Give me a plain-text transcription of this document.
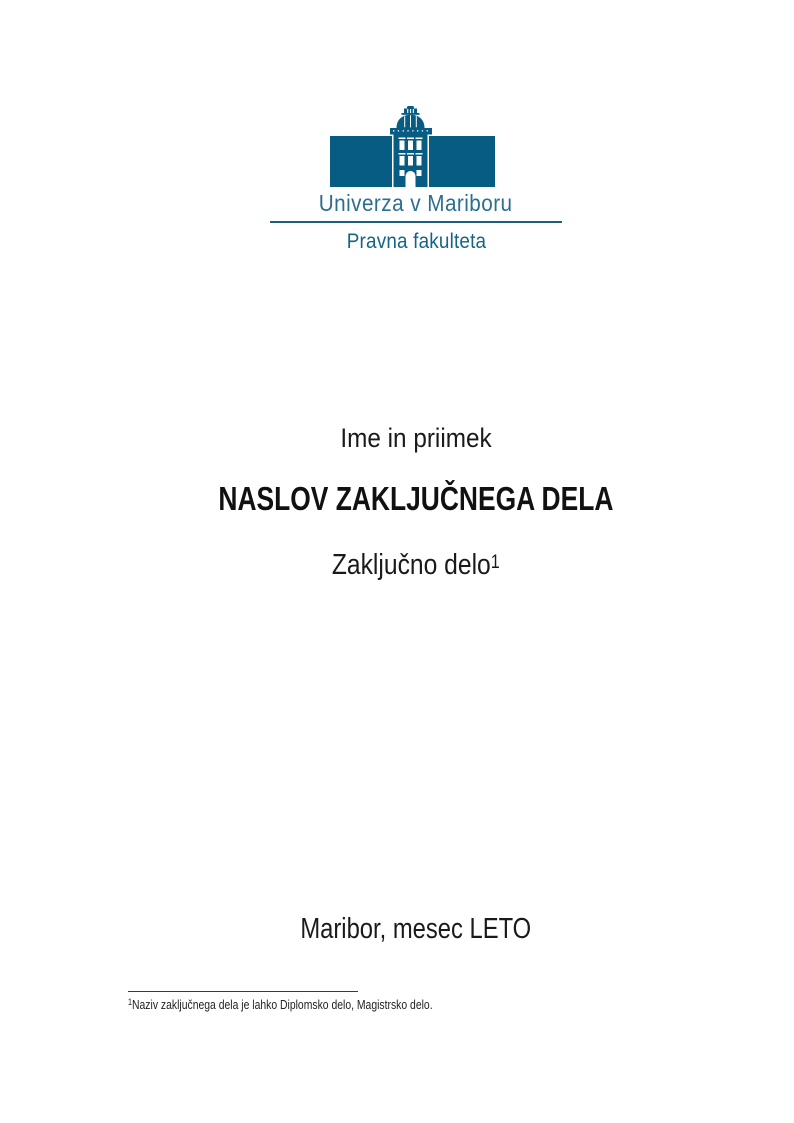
Univerza v Mariboru
Pravna fakulteta
Ime in priimek
NASLOV ZAKLJUČNEGA DELA
Zaključno delo$^1$
Maribor, mesec LETO
$^1$Naziv zaključnega dela je lahko Diplomsko delo, Magistrsko delo.
